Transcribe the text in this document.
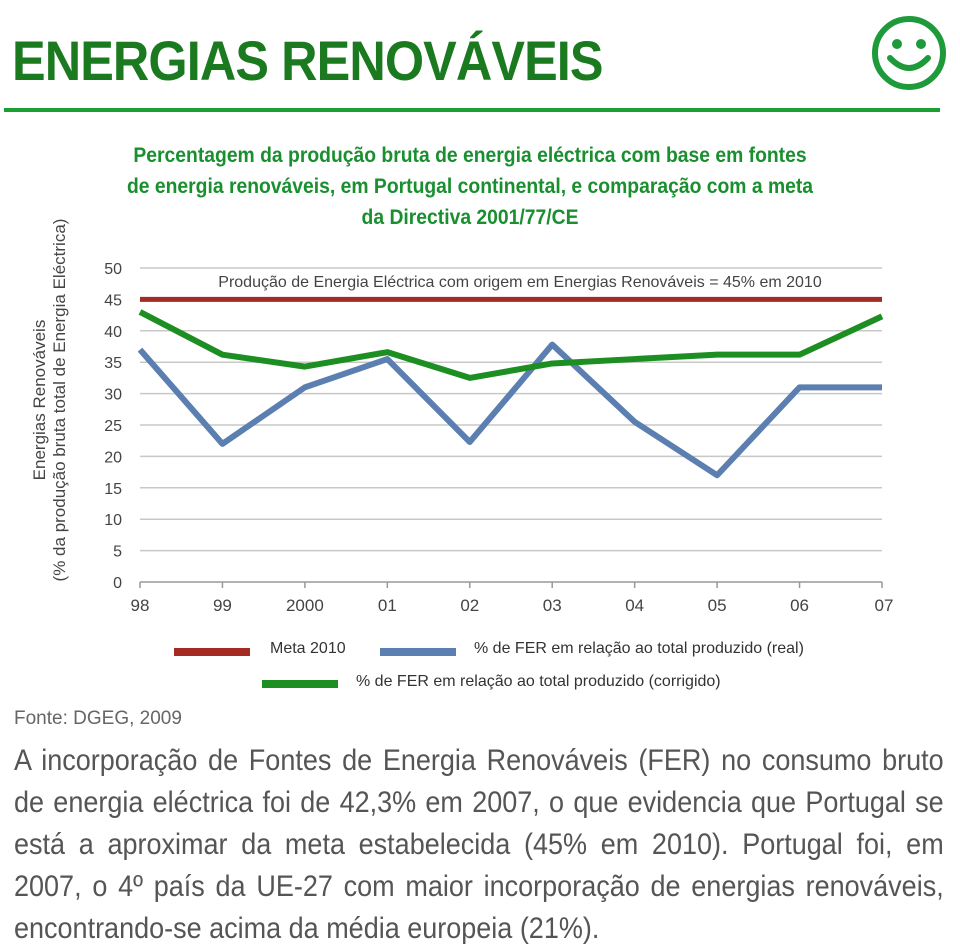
ENERGIAS RENOVÁVEIS

Percentagem da produção bruta de energia eléctrica com base em fontes de energia renováveis, em Portugal continental, e comparação com a meta da Directiva 2001/77/CE

Energias Renováveis (% da produção bruta total de Energia Eléctrica)
0
5
10
15
20
25
30
35
40
45
50
98	99	2000	01	02	03	04	05	06	07
Produção de Energia Eléctrica com origem em Energias Renováveis = 45% em 2010
Meta 2010	% de FER em relação ao total produzido (real)
% de FER em relação ao total produzido (corrigido)
Fonte: DGEG, 2009

A incorporação de Fontes de Energia Renováveis (FER) no consumo bruto de energia eléctrica foi de 42,3% em 2007, o que evidencia que Portugal se está a aproximar da meta estabelecida (45% em 2010). Portugal foi, em 2007, o 4º país da UE-27 com maior incorporação de energias renováveis, encontrando-se acima da média europeia (21%).
